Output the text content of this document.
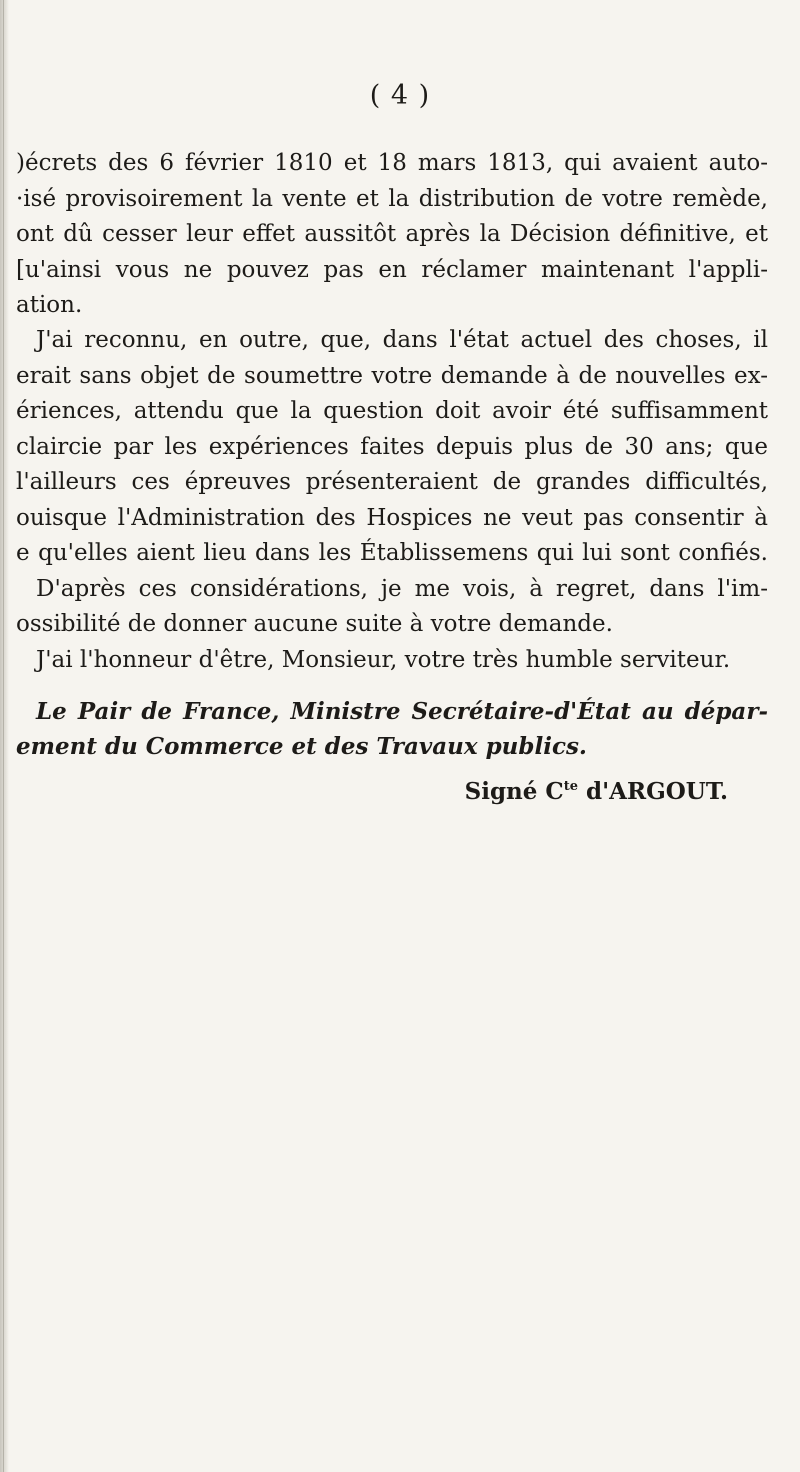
( 4 )
)écrets des 6 février 1810 et 18 mars 1813, qui avaient auto-
·isé provisoirement la vente et la distribution de votre remède,
ont dû cesser leur effet aussitôt après la Décision définitive, et
[u'ainsi vous ne pouvez pas en réclamer maintenant l'appli-
ation.
J'ai reconnu, en outre, que, dans l'état actuel des choses, il
erait sans objet de soumettre votre demande à de nouvelles ex-
ériences, attendu que la question doit avoir été suffisamment
claircie par les expériences faites depuis plus de 30 ans; que
l'ailleurs ces épreuves présenteraient de grandes difficultés,
ouisque l'Administration des Hospices ne veut pas consentir à
e qu'elles aient lieu dans les Établissemens qui lui sont confiés.
D'après ces considérations, je me vois, à regret, dans l'im-
ossibilité de donner aucune suite à votre demande.
J'ai l'honneur d'être, Monsieur, votre très humble serviteur.
Le Pair de France, Ministre Secrétaire-d'État au dépar-
ement du Commerce et des Travaux publics.
Signé $C^{te}$ d'ARGOUT.
